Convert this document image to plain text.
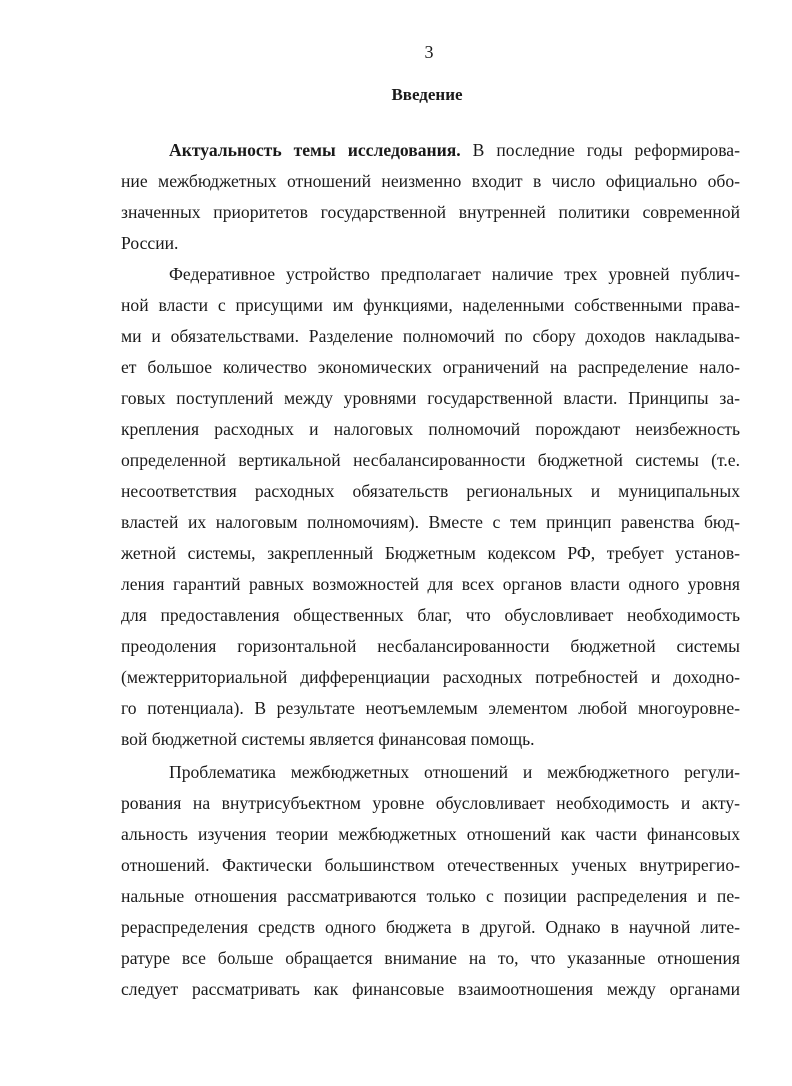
3
Введение
Актуальность темы исследования. В последние годы реформирова-
ние межбюджетных отношений неизменно входит в число официально обо-
значенных приоритетов государственной внутренней политики современной
России.
Федеративное устройство предполагает наличие трех уровней публич-
ной власти с присущими им функциями, наделенными собственными права-
ми и обязательствами. Разделение полномочий по сбору доходов накладыва-
ет большое количество экономических ограничений на распределение нало-
говых поступлений между уровнями государственной власти. Принципы за-
крепления расходных и налоговых полномочий порождают неизбежность
определенной вертикальной несбалансированности бюджетной системы (т.е.
несоответствия расходных обязательств региональных и муниципальных
властей их налоговым полномочиям). Вместе с тем принцип равенства бюд-
жетной системы, закрепленный Бюджетным кодексом РФ, требует установ-
ления гарантий равных возможностей для всех органов власти одного уровня
для предоставления общественных благ, что обусловливает необходимость
преодоления горизонтальной несбалансированности бюджетной системы
(межтерриториальной дифференциации расходных потребностей и доходно-
го потенциала). В результате неотъемлемым элементом любой многоуровне-
вой бюджетной системы является финансовая помощь.
Проблематика межбюджетных отношений и межбюджетного регули-
рования на внутрисубъектном уровне обусловливает необходимость и акту-
альность изучения теории межбюджетных отношений как части финансовых
отношений. Фактически большинством отечественных ученых внутрирегио-
нальные отношения рассматриваются только с позиции распределения и пе-
рераспределения средств одного бюджета в другой. Однако в научной лите-
ратуре все больше обращается внимание на то, что указанные отношения
следует рассматривать как финансовые взаимоотношения между органами
